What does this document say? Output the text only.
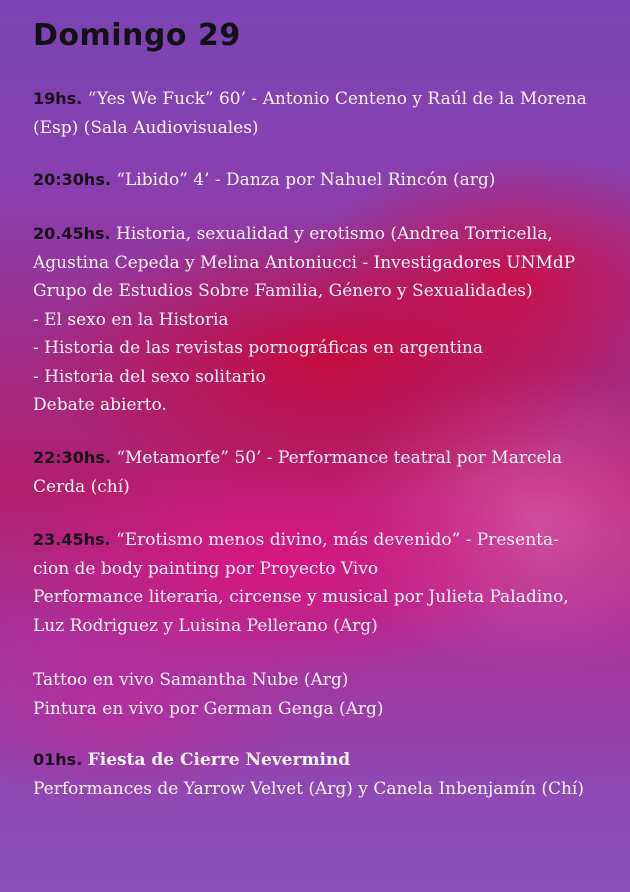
Domingo 29
19hs. “Yes We Fuck” 60’ - Antonio Centeno y Raúl de la Morena
(Esp) (Sala Audiovisuales)
20:30hs. “Libido” 4’ - Danza por Nahuel Rincón (arg)
20.45hs. Historia, sexualidad y erotismo (Andrea Torricella,
Agustina Cepeda y Melina Antoniucci - Investigadores UNMdP
Grupo de Estudios Sobre Familia, Género y Sexualidades)
- El sexo en la Historia
- Historia de las revistas pornográficas en argentina
- Historia del sexo solitario
Debate abierto.
22:30hs. “Metamorfe” 50’ - Performance teatral por Marcela
Cerda (chí)
23.45hs. “Erotismo menos divino, más devenido” - Presenta-
cion de body painting por Proyecto Vivo
Performance literaria, circense y musical por Julieta Paladino,
Luz Rodriguez y Luisina Pellerano (Arg)
Tattoo en vivo Samantha Nube (Arg)
Pintura en vivo por German Genga (Arg)
01hs. Fiesta de Cierre Nevermind
Performances de Yarrow Velvet (Arg) y Canela Inbenjamín (Chí)
